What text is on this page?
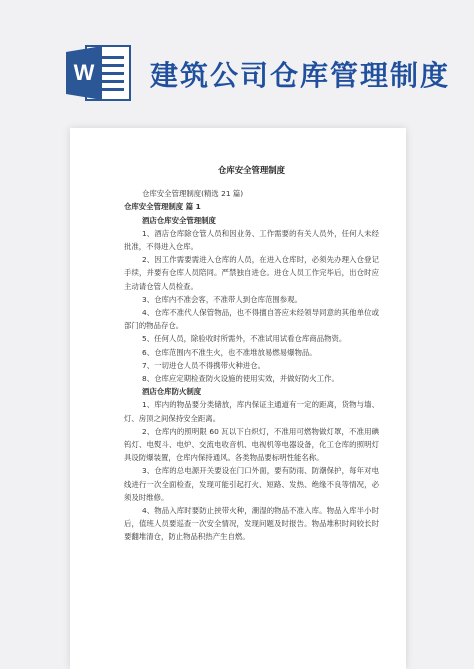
W 建筑公司仓库管理制度
仓库安全管理制度
仓库安全管理制度(精选 21 篇)
仓库安全管理制度 篇 1
酒店仓库安全管理制度
1、酒店仓库除仓管人员和因业务、工作需要的有关人员外，任何人未经批准，不得进入仓库。
2、因工作需要需进入仓库的人员，在进入仓库时，必须先办理入仓登记手续，并要有仓库人员陪同。严禁独自进仓。进仓人员工作完毕后，出仓时应主动请仓管人员检查。
3、仓库内不准会客，不准带人到仓库范围参观。
4、仓库不准代人保管物品，也不得擅自答应未经领导同意的其他单位或部门的物品存仓。
5、任何人员，除验收时所需外，不准试用试看仓库商品物资。
6、仓库范围内不准生火，也不准堆放易燃易爆物品。
7、一切进仓人员不得携带火种进仓。
8、仓库应定期检查防火设施的使用实效，并做好防火工作。
酒店仓库防火制度
1、库内的物品要分类储放，库内保证主通道有一定的距离，货物与墙、灯、房顶之间保持安全距离。
2、仓库内的照明限 60 瓦以下白炽灯，不准用可燃物做灯罩，不准用碘钨灯、电熨斗、电炉、交流电收音机、电视机等电器设备，化工仓库的照明灯具设防爆装置，仓库内保持通风。各类物品要标明性能名称。
3、仓库的总电源开关要设在门口外面，要有防雨、防潮保护，每年对电线进行一次全面检查，发现可能引起打火、短路、发热、绝缘不良等情况，必须及时维修。
4、物品入库时要防止挟带火种，潮湿的物品不准入库。物品入库半小时后，值班人员要巡查一次安全情况，发现问题及时报告。物品堆积时间较长时要翻堆清仓，防止物品积热产生自燃。
